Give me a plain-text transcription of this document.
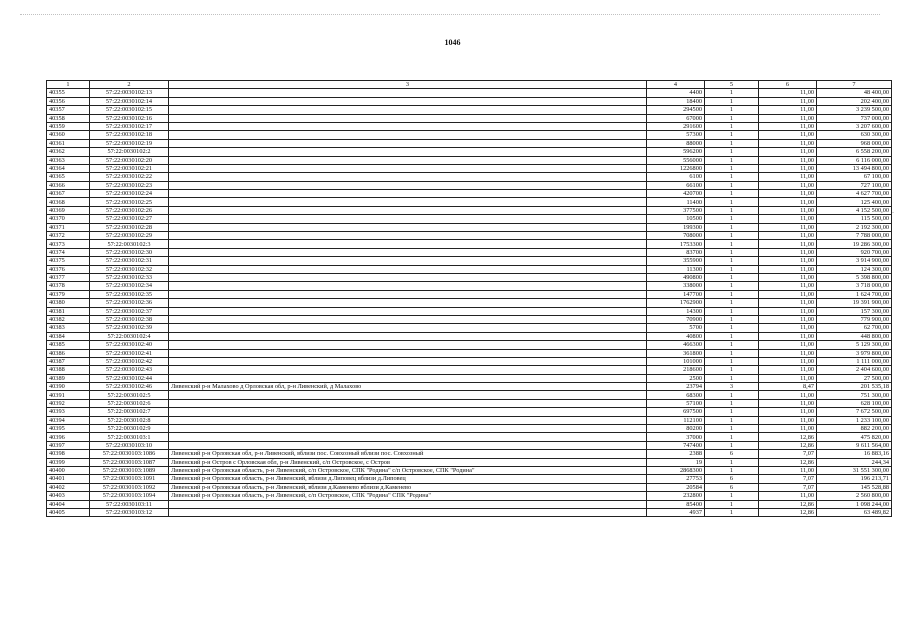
1046
-
1	2	3	4	5	6	7
40355	57:22:0030102:13		4400	1	11,00	48 400,00
40356	57:22:0030102:14		18400	1	11,00	202 400,00
40357	57:22:0030102:15		294500	1	11,00	3 239 500,00
40358	57:22:0030102:16		67000	1	11,00	737 000,00
40359	57:22:0030102:17		291600	1	11,00	3 207 600,00
40360	57:22:0030102:18		57300	1	11,00	630 300,00
40361	57:22:0030102:19		88000	1	11,00	968 000,00
40362	57:22:0030102:2		596200	1	11,00	6 558 200,00
40363	57:22:0030102:20		556000	1	11,00	6 116 000,00
40364	57:22:0030102:21		1226800	1	11,00	13 494 800,00
40365	57:22:0030102:22		6100	1	11,00	67 100,00
40366	57:22:0030102:23		66100	1	11,00	727 100,00
40367	57:22:0030102:24		420700	1	11,00	4 627 700,00
40368	57:22:0030102:25		11400	1	11,00	125 400,00
40369	57:22:0030102:26		377500	1	11,00	4 152 500,00
40370	57:22:0030102:27		10500	1	11,00	115 500,00
40371	57:22:0030102:28		199300	1	11,00	2 192 300,00
40372	57:22:0030102:29		708000	1	11,00	7 788 000,00
40373	57:22:0030102:3		1753300	1	11,00	19 286 300,00
40374	57:22:0030102:30		83700	1	11,00	920 700,00
40375	57:22:0030102:31		355900	1	11,00	3 914 900,00
40376	57:22:0030102:32		11300	1	11,00	124 300,00
40377	57:22:0030102:33		490800	1	11,00	5 398 800,00
40378	57:22:0030102:34		338000	1	11,00	3 718 000,00
40379	57:22:0030102:35		147700	1	11,00	1 624 700,00
40380	57:22:0030102:36		1762900	1	11,00	19 391 900,00
40381	57:22:0030102:37		14300	1	11,00	157 300,00
40382	57:22:0030102:38		70900	1	11,00	779 900,00
40383	57:22:0030102:39		5700	1	11,00	62 700,00
40384	57:22:0030102:4		40800	1	11,00	448 800,00
40385	57:22:0030102:40		466300	1	11,00	5 129 300,00
40386	57:22:0030102:41		361800	1	11,00	3 979 800,00
40387	57:22:0030102:42		101000	1	11,00	1 111 000,00
40388	57:22:0030102:43		218600	1	11,00	2 404 600,00
40389	57:22:0030102:44		2500	1	11,00	27 500,00
40390	57:22:0030102:46	Ливенский р-н Малахово д Орловская обл, р-н Ливенский, д Малахово	23794	3	8,47	201 535,18
40391	57:22:0030102:5		68300	1	11,00	751 300,00
40392	57:22:0030102:6		57100	1	11,00	628 100,00
40393	57:22:0030102:7		697500	1	11,00	7 672 500,00
40394	57:22:0030102:8		112100	1	11,00	1 233 100,00
40395	57:22:0030102:9		80200	1	11,00	882 200,00
40396	57:22:0030103:1		37000	1	12,86	475 820,00
40397	57:22:0030103:10		747400	1	12,86	9 611 564,00
40398	57:22:0030103:1086	Ливенский р-н Орловская обл, р-н Ливенский, вблизи пос. Совхозный вблизи пос. Совхозный	2388	6	7,07	16 883,16
40399	57:22:0030103:1087	Ливенский р-н Остров с Орловская обл, р-н Ливенский, с/п Островское, с Остров	19	1	12,86	244,34
40400	57:22:0030103:1089	Ливенский р-н Орловская область, р-н Ливенский, с/п Островское, СПК "Родина" с/п Островское, СПК "Родина"	2868300	1	11,00	31 551 300,00
40401	57:22:0030103:1091	Ливенский р-н Орловская область, р-н Ливенский, вблизи д.Липовец вблизи д.Липовец	27753	6	7,07	196 213,71
40402	57:22:0030103:1092	Ливенский р-н Орловская область, р-н Ливенский, вблизи д.Каменево вблизи д.Каменево	20584	6	7,07	145 528,88
40403	57:22:0030103:1094	Ливенский р-н Орловская область, р-н Ливенский, с/п Островское, СПК "Родина" СПК "Родина"	232800	1	11,00	2 560 800,00
40404	57:22:0030103:11		85400	1	12,86	1 098 244,00
40405	57:22:0030103:12		4937	1	12,86	63 489,82
